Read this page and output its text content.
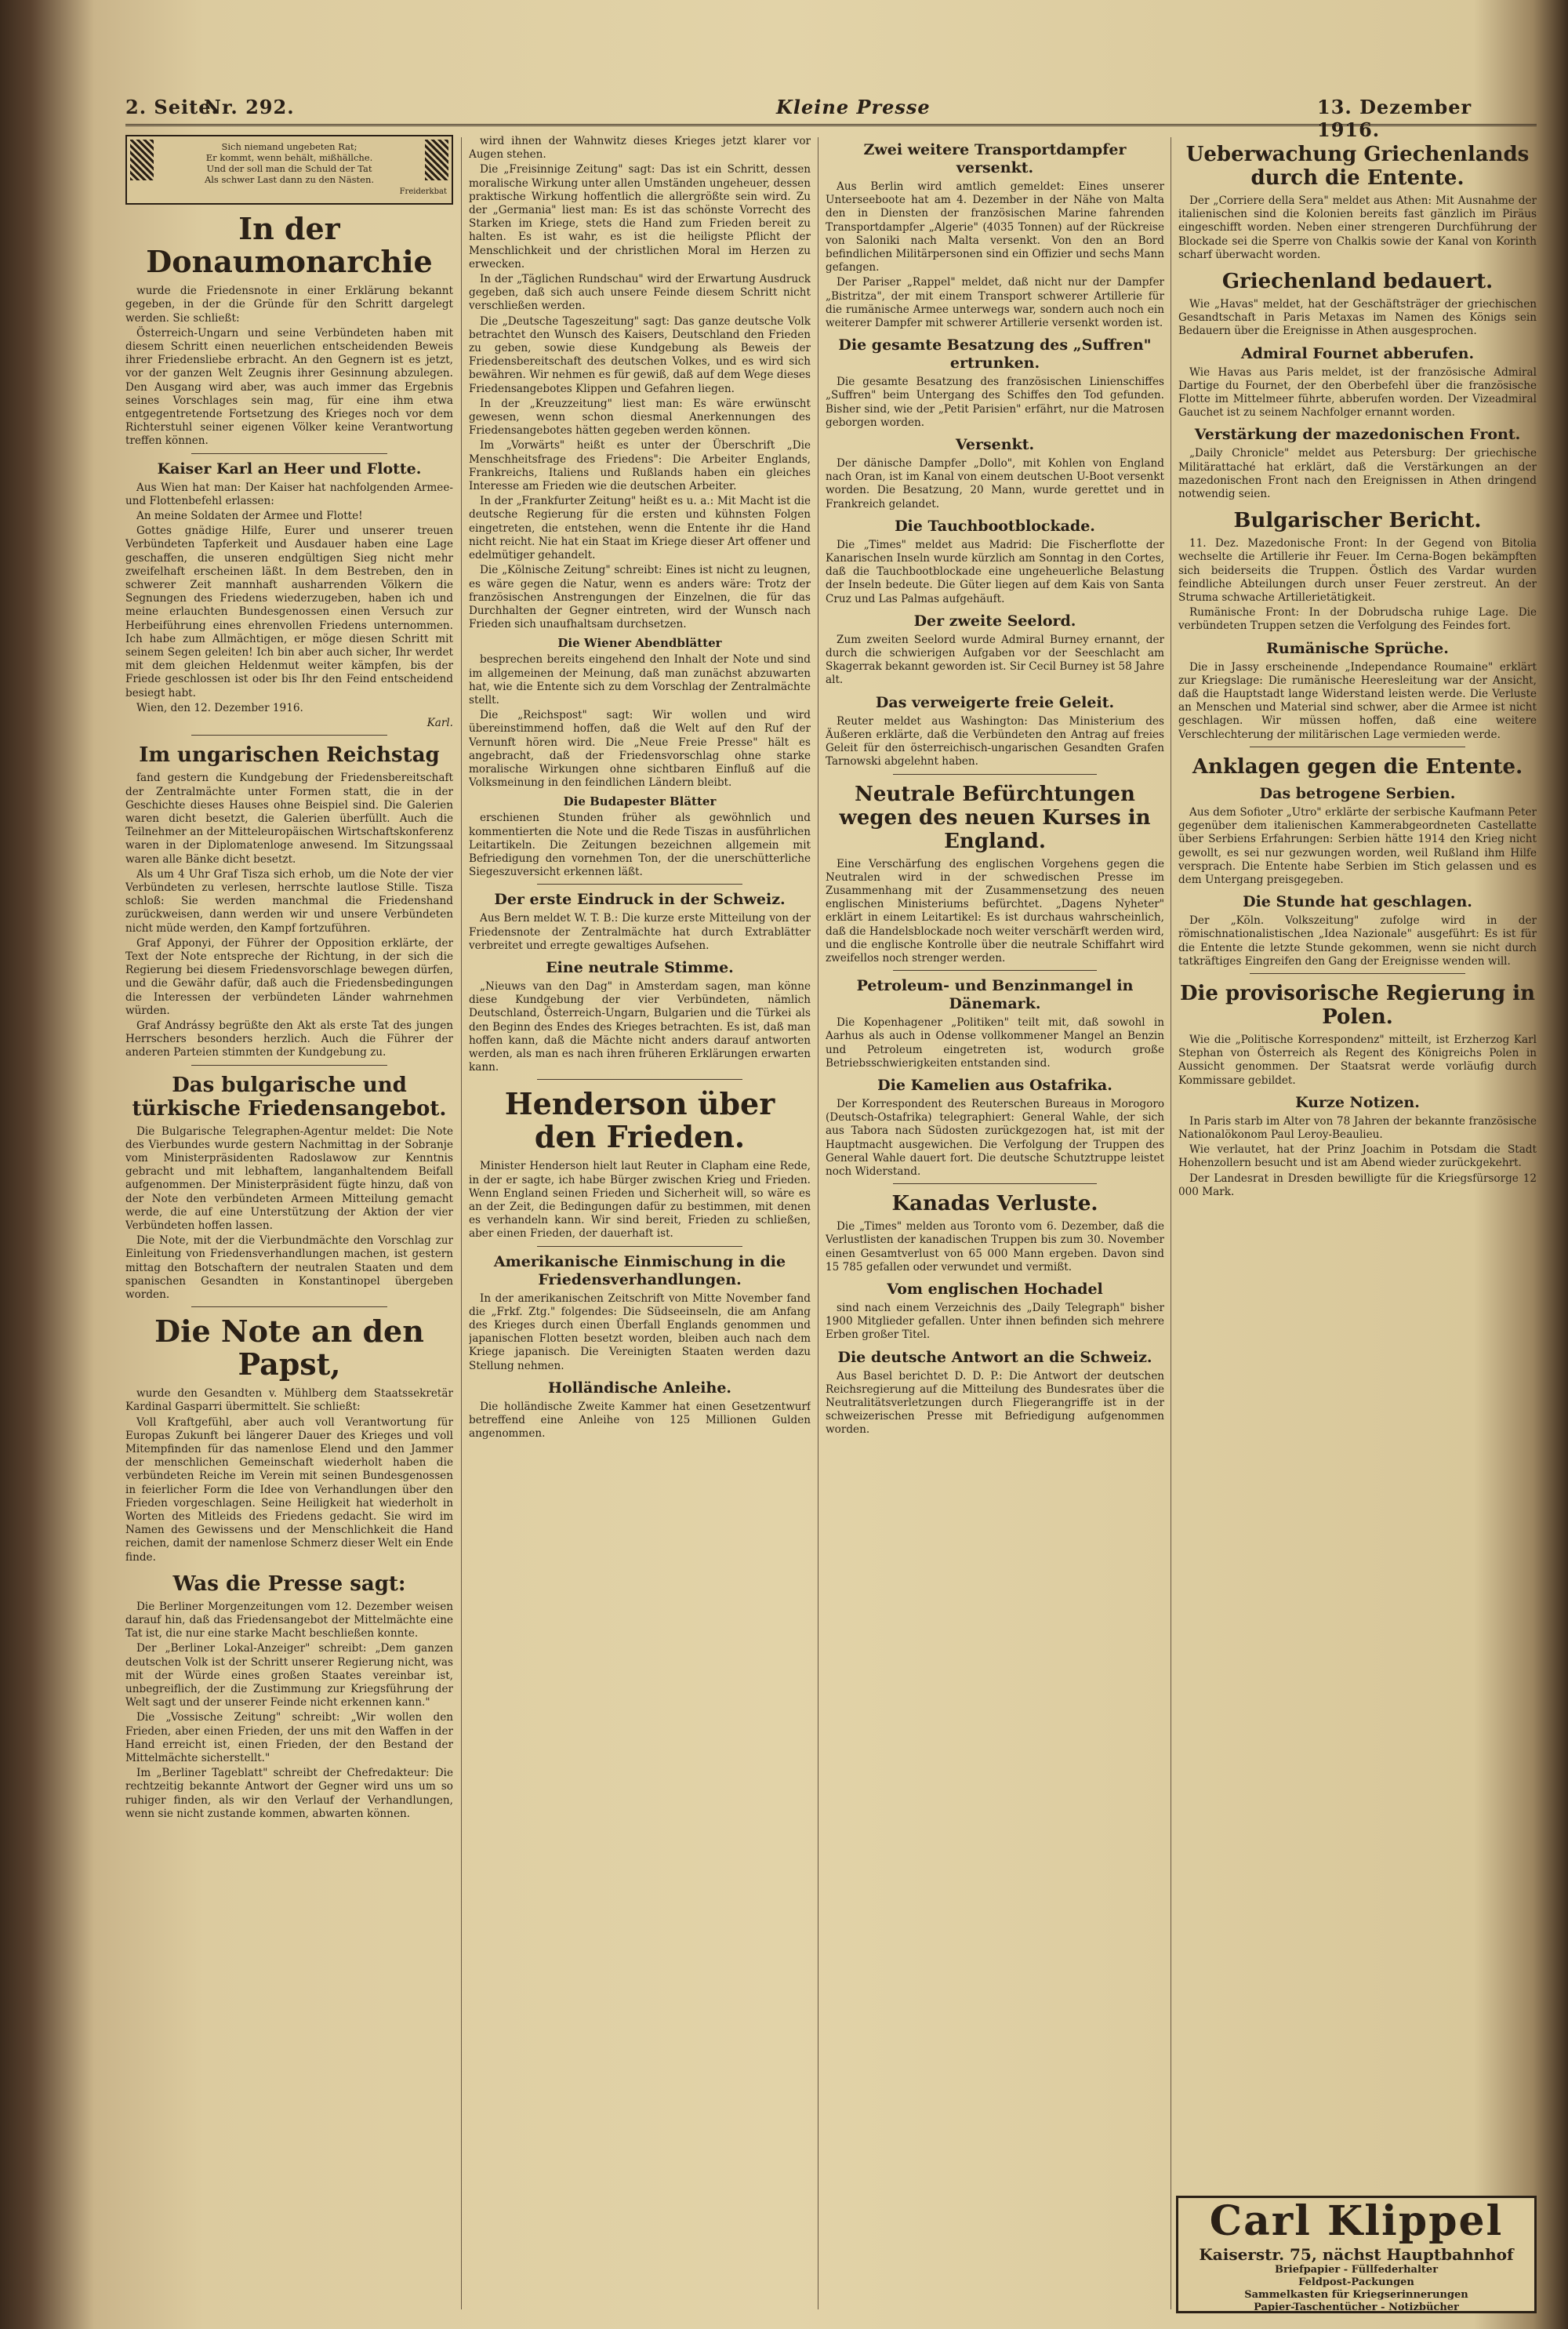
2. Seite.
Nr. 292.	Kleine Presse	13. Dezember 1916.
Sich niemand ungebeten Rat;
Er kommt, wenn behält, mißhällche.
Und der soll man die Schuld der Tat
Als schwer Last dann zu den Nästen.
Freiderkbat
In der Donaumonarchie

wurde die Friedensnote in einer Erklärung bekannt gegeben, in der die Gründe für den Schritt dargelegt werden. Sie schließt:

Österreich-Ungarn und seine Verbündeten haben mit diesem Schritt einen neuerlichen entscheidenden Beweis ihrer Friedensliebe erbracht. An den Gegnern ist es jetzt, vor der ganzen Welt Zeugnis ihrer Gesinnung abzulegen. Den Ausgang wird aber, was auch immer das Ergebnis seines Vorschlages sein mag, für eine ihm etwa entgegentretende Fortsetzung des Krieges noch vor dem Richterstuhl seiner eigenen Völker keine Verantwortung treffen können.

Kaiser Karl an Heer und Flotte.

Aus Wien hat man: Der Kaiser hat nachfolgenden Armee- und Flottenbefehl erlassen:

An meine Soldaten der Armee und Flotte!

Gottes gnädige Hilfe, Eurer und unserer treuen Verbündeten Tapferkeit und Ausdauer haben eine Lage geschaffen, die unseren endgültigen Sieg nicht mehr zweifelhaft erscheinen läßt. In dem Bestreben, den in schwerer Zeit mannhaft ausharrenden Völkern die Segnungen des Friedens wiederzugeben, haben ich und meine erlauchten Bundesgenossen einen Versuch zur Herbeiführung eines ehrenvollen Friedens unternommen. Ich habe zum Allmächtigen, er möge diesen Schritt mit seinem Segen geleiten! Ich bin aber auch sicher, Ihr werdet mit dem gleichen Heldenmut weiter kämpfen, bis der Friede geschlossen ist oder bis Ihr den Feind entscheidend besiegt habt.

Wien, den 12. Dezember 1916.

Karl.
Im ungarischen Reichstag

fand gestern die Kundgebung der Friedensbereitschaft der Zentralmächte unter Formen statt, die in der Geschichte dieses Hauses ohne Beispiel sind. Die Galerien waren dicht besetzt, die Galerien überfüllt. Auch die Teilnehmer an der Mitteleuropäischen Wirtschaftskonferenz waren in der Diplomatenloge anwesend. Im Sitzungssaal waren alle Bänke dicht besetzt.

Als um 4 Uhr Graf Tisza sich erhob, um die Note der vier Verbündeten zu verlesen, herrschte lautlose Stille. Tisza schloß: Sie werden manchmal die Friedenshand zurückweisen, dann werden wir und unsere Verbündeten nicht müde werden, den Kampf fortzuführen.

Graf Apponyi, der Führer der Opposition erklärte, der Text der Note entspreche der Richtung, in der sich die Regierung bei diesem Friedensvorschlage bewegen dürfen, und die Gewähr dafür, daß auch die Friedensbedingungen die Interessen der verbündeten Länder wahrnehmen würden.

Graf Andrássy begrüßte den Akt als erste Tat des jungen Herrschers besonders herzlich. Auch die Führer der anderen Parteien stimmten der Kundgebung zu.

Das bulgarische und türkische Friedensangebot.

Die Bulgarische Telegraphen-Agentur meldet: Die Note des Vierbundes wurde gestern Nachmittag in der Sobranje vom Ministerpräsidenten Radoslawow zur Kenntnis gebracht und mit lebhaftem, langanhaltendem Beifall aufgenommen. Der Ministerpräsident fügte hinzu, daß von der Note den verbündeten Armeen Mitteilung gemacht werde, die auf eine Unterstützung der Aktion der vier Verbündeten hoffen lassen.

Die Note, mit der die Vierbundmächte den Vorschlag zur Einleitung von Friedensverhandlungen machen, ist gestern mittag den Botschaftern der neutralen Staaten und dem spanischen Gesandten in Konstantinopel übergeben worden.

Die Note an den Papst,

wurde den Gesandten v. Mühlberg dem Staatssekretär Kardinal Gasparri übermittelt. Sie schließt:

Voll Kraftgefühl, aber auch voll Verantwortung für Europas Zukunft bei längerer Dauer des Krieges und voll Mitempfinden für das namenlose Elend und den Jammer der menschlichen Gemeinschaft wiederholt haben die verbündeten Reiche im Verein mit seinen Bundesgenossen in feierlicher Form die Idee von Verhandlungen über den Frieden vorgeschlagen. Seine Heiligkeit hat wiederholt in Worten des Mitleids des Friedens gedacht. Sie wird im Namen des Gewissens und der Menschlichkeit die Hand reichen, damit der namenlose Schmerz dieser Welt ein Ende finde.

Was die Presse sagt:

Die Berliner Morgenzeitungen vom 12. Dezember weisen darauf hin, daß das Friedensangebot der Mittelmächte eine Tat ist, die nur eine starke Macht beschließen konnte.

Der „Berliner Lokal-Anzeiger" schreibt: „Dem ganzen deutschen Volk ist der Schritt unserer Regierung nicht, was mit der Würde eines großen Staates vereinbar ist, unbegreiflich, der die Zustimmung zur Kriegsführung der Welt sagt und der unserer Feinde nicht erkennen kann."

Die „Vossische Zeitung" schreibt: „Wir wollen den Frieden, aber einen Frieden, der uns mit den Waffen in der Hand erreicht ist, einen Frieden, der den Bestand der Mittelmächte sicherstellt."

Im „Berliner Tageblatt" schreibt der Chefredakteur: Die rechtzeitig bekannte Antwort der Gegner wird uns um so ruhiger finden, als wir den Verlauf der Verhandlungen, wenn sie nicht zustande kommen, abwarten können.

wird ihnen der Wahnwitz dieses Krieges jetzt klarer vor Augen stehen.

Die „Freisinnige Zeitung" sagt: Das ist ein Schritt, dessen moralische Wirkung unter allen Umständen ungeheuer, dessen praktische Wirkung hoffentlich die allergrößte sein wird. Zu der „Germania" liest man: Es ist das schönste Vorrecht des Starken im Kriege, stets die Hand zum Frieden bereit zu halten. Es ist wahr, es ist die heiligste Pflicht der Menschlichkeit und der christlichen Moral im Herzen zu erwecken.

In der „Täglichen Rundschau" wird der Erwartung Ausdruck gegeben, daß sich auch unsere Feinde diesem Schritt nicht verschließen werden.

Die „Deutsche Tageszeitung" sagt: Das ganze deutsche Volk betrachtet den Wunsch des Kaisers, Deutschland den Frieden zu geben, sowie diese Kundgebung als Beweis der Friedensbereitschaft des deutschen Volkes, und es wird sich bewähren. Wir nehmen es für gewiß, daß auf dem Wege dieses Friedensangebotes Klippen und Gefahren liegen.

In der „Kreuzzeitung" liest man: Es wäre erwünscht gewesen, wenn schon diesmal Anerkennungen des Friedensangebotes hätten gegeben werden können.

Im „Vorwärts" heißt es unter der Überschrift „Die Menschheitsfrage des Friedens": Die Arbeiter Englands, Frankreichs, Italiens und Rußlands haben ein gleiches Interesse am Frieden wie die deutschen Arbeiter.

In der „Frankfurter Zeitung" heißt es u. a.: Mit Macht ist die deutsche Regierung für die ersten und kühnsten Folgen eingetreten, die entstehen, wenn die Entente ihr die Hand nicht reicht. Nie hat ein Staat im Kriege dieser Art offener und edelmütiger gehandelt.

Die „Kölnische Zeitung" schreibt: Eines ist nicht zu leugnen, es wäre gegen die Natur, wenn es anders wäre: Trotz der französischen Anstrengungen der Einzelnen, die für das Durchhalten der Gegner eintreten, wird der Wunsch nach Frieden sich unaufhaltsam durchsetzen.

Die Wiener Abendblätter

besprechen bereits eingehend den Inhalt der Note und sind im allgemeinen der Meinung, daß man zunächst abzuwarten hat, wie die Entente sich zu dem Vorschlag der Zentralmächte stellt.

Die „Reichspost" sagt: Wir wollen und wird übereinstimmend hoffen, daß die Welt auf den Ruf der Vernunft hören wird. Die „Neue Freie Presse" hält es angebracht, daß der Friedensvorschlag ohne starke moralische Wirkungen ohne sichtbaren Einfluß auf die Volksmeinung in den feindlichen Ländern bleibt.

Die Budapester Blätter

erschienen Stunden früher als gewöhnlich und kommentierten die Note und die Rede Tiszas in ausführlichen Leitartikeln. Die Zeitungen bezeichnen allgemein mit Befriedigung den vornehmen Ton, der die unerschütterliche Siegeszuversicht erkennen läßt.

Der erste Eindruck in der Schweiz.

Aus Bern meldet W. T. B.: Die kurze erste Mitteilung von der Friedensnote der Zentralmächte hat durch Extrablätter verbreitet und erregte gewaltiges Aufsehen.

Eine neutrale Stimme.

„Nieuws van den Dag" in Amsterdam sagen, man könne diese Kundgebung der vier Verbündeten, nämlich Deutschland, Österreich-Ungarn, Bulgarien und die Türkei als den Beginn des Endes des Krieges betrachten. Es ist, daß man hoffen kann, daß die Mächte nicht anders darauf antworten werden, als man es nach ihren früheren Erklärungen erwarten kann.

Henderson über den Frieden.

Minister Henderson hielt laut Reuter in Clapham eine Rede, in der er sagte, ich habe Bürger zwischen Krieg und Frieden. Wenn England seinen Frieden und Sicherheit will, so wäre es an der Zeit, die Bedingungen dafür zu bestimmen, mit denen es verhandeln kann. Wir sind bereit, Frieden zu schließen, aber einen Frieden, der dauerhaft ist.

Amerikanische Einmischung in die Friedensverhandlungen.

In der amerikanischen Zeitschrift von Mitte November fand die „Frkf. Ztg." folgendes: Die Südseeinseln, die am Anfang des Krieges durch einen Überfall Englands genommen und japanischen Flotten besetzt worden, bleiben auch nach dem Kriege japanisch. Die Vereinigten Staaten werden dazu Stellung nehmen.

Holländische Anleihe.

Die holländische Zweite Kammer hat einen Gesetzentwurf betreffend eine Anleihe von 125 Millionen Gulden angenommen.

Zwei weitere Transportdampfer versenkt.

Aus Berlin wird amtlich gemeldet: Eines unserer Unterseeboote hat am 4. Dezember in der Nähe von Malta den in Diensten der französischen Marine fahrenden Transportdampfer „Algerie" (4035 Tonnen) auf der Rückreise von Saloniki nach Malta versenkt. Von den an Bord befindlichen Militärpersonen sind ein Offizier und sechs Mann gefangen.

Der Pariser „Rappel" meldet, daß nicht nur der Dampfer „Bistritza", der mit einem Transport schwerer Artillerie für die rumänische Armee unterwegs war, sondern auch noch ein weiterer Dampfer mit schwerer Artillerie versenkt worden ist.

Die gesamte Besatzung des „Suffren" ertrunken.

Die gesamte Besatzung des französischen Linienschiffes „Suffren" beim Untergang des Schiffes den Tod gefunden. Bisher sind, wie der „Petit Parisien" erfährt, nur die Matrosen geborgen worden.

Versenkt.

Der dänische Dampfer „Dollo", mit Kohlen von England nach Oran, ist im Kanal von einem deutschen U-Boot versenkt worden. Die Besatzung, 20 Mann, wurde gerettet und in Frankreich gelandet.

Die Tauchbootblockade.

Die „Times" meldet aus Madrid: Die Fischerflotte der Kanarischen Inseln wurde kürzlich am Sonntag in den Cortes, daß die Tauchbootblockade eine ungeheuerliche Belastung der Inseln bedeute. Die Güter liegen auf dem Kais von Santa Cruz und Las Palmas aufgehäuft.

Der zweite Seelord.

Zum zweiten Seelord wurde Admiral Burney ernannt, der durch die schwierigen Aufgaben vor der Seeschlacht am Skagerrak bekannt geworden ist. Sir Cecil Burney ist 58 Jahre alt.

Das verweigerte freie Geleit.

Reuter meldet aus Washington: Das Ministerium des Äußeren erklärte, daß die Verbündeten den Antrag auf freies Geleit für den österreichisch-ungarischen Gesandten Grafen Tarnowski abgelehnt haben.

Neutrale Befürchtungen wegen des neuen Kurses in England.

Eine Verschärfung des englischen Vorgehens gegen die Neutralen wird in der schwedischen Presse im Zusammenhang mit der Zusammensetzung des neuen englischen Ministeriums befürchtet. „Dagens Nyheter" erklärt in einem Leitartikel: Es ist durchaus wahrscheinlich, daß die Handelsblockade noch weiter verschärft werden wird, und die englische Kontrolle über die neutrale Schiffahrt wird zweifellos noch strenger werden.

Petroleum- und Benzinmangel in Dänemark.

Die Kopenhagener „Politiken" teilt mit, daß sowohl in Aarhus als auch in Odense vollkommener Mangel an Benzin und Petroleum eingetreten ist, wodurch große Betriebsschwierigkeiten entstanden sind.

Die Kamelien aus Ostafrika.

Der Korrespondent des Reuterschen Bureaus in Morogoro (Deutsch-Ostafrika) telegraphiert: General Wahle, der sich aus Tabora nach Südosten zurückgezogen hat, ist mit der Hauptmacht ausgewichen. Die Verfolgung der Truppen des General Wahle dauert fort. Die deutsche Schutztruppe leistet noch Widerstand.

Kanadas Verluste.

Die „Times" melden aus Toronto vom 6. Dezember, daß die Verlustlisten der kanadischen Truppen bis zum 30. November einen Gesamtverlust von 65 000 Mann ergeben. Davon sind 15 785 gefallen oder verwundet und vermißt.

Vom englischen Hochadel

sind nach einem Verzeichnis des „Daily Telegraph" bisher 1900 Mitglieder gefallen. Unter ihnen befinden sich mehrere Erben großer Titel.

Die deutsche Antwort an die Schweiz.

Aus Basel berichtet D. D. P.: Die Antwort der deutschen Reichsregierung auf die Mitteilung des Bundesrates über die Neutralitätsverletzungen durch Fliegerangriffe ist in der schweizerischen Presse mit Befriedigung aufgenommen worden.

Ueberwachung Griechenlands durch die Entente.

Der „Corriere della Sera" meldet aus Athen: Mit Ausnahme der italienischen sind die Kolonien bereits fast gänzlich im Piräus eingeschifft worden. Neben einer strengeren Durchführung der Blockade sei die Sperre von Chalkis sowie der Kanal von Korinth scharf überwacht worden.

Griechenland bedauert.

Wie „Havas" meldet, hat der Geschäftsträger der griechischen Gesandtschaft in Paris Metaxas im Namen des Königs sein Bedauern über die Ereignisse in Athen ausgesprochen.

Admiral Fournet abberufen.

Wie Havas aus Paris meldet, ist der französische Admiral Dartige du Fournet, der den Oberbefehl über die französische Flotte im Mittelmeer führte, abberufen worden. Der Vizeadmiral Gauchet ist zu seinem Nachfolger ernannt worden.

Verstärkung der mazedonischen Front.

„Daily Chronicle" meldet aus Petersburg: Der griechische Militärattaché hat erklärt, daß die Verstärkungen an der mazedonischen Front nach den Ereignissen in Athen dringend notwendig seien.

Bulgarischer Bericht.

11. Dez. Mazedonische Front: In der Gegend von Bitolia wechselte die Artillerie ihr Feuer. Im Cerna-Bogen bekämpften sich beiderseits die Truppen. Östlich des Vardar wurden feindliche Abteilungen durch unser Feuer zerstreut. An der Struma schwache Artillerietätigkeit.

Rumänische Front: In der Dobrudscha ruhige Lage. Die verbündeten Truppen setzen die Verfolgung des Feindes fort.

Rumänische Sprüche.

Die in Jassy erscheinende „Independance Roumaine" erklärt zur Kriegslage: Die rumänische Heeresleitung war der Ansicht, daß die Hauptstadt lange Widerstand leisten werde. Die Verluste an Menschen und Material sind schwer, aber die Armee ist nicht geschlagen. Wir müssen hoffen, daß eine weitere Verschlechterung der militärischen Lage vermieden werde.

Anklagen gegen die Entente.
Das betrogene Serbien.

Aus dem Sofioter „Utro" erklärte der serbische Kaufmann Peter gegenüber dem italienischen Kammerabgeordneten Castellatte über Serbiens Erfahrungen: Serbien hätte 1914 den Krieg nicht gewollt, es sei nur gezwungen worden, weil Rußland ihm Hilfe versprach. Die Entente habe Serbien im Stich gelassen und es dem Untergang preisgegeben.

Die Stunde hat geschlagen.

Der „Köln. Volkszeitung" zufolge wird in der römischnationalistischen „Idea Nazionale" ausgeführt: Es ist für die Entente die letzte Stunde gekommen, wenn sie nicht durch tatkräftiges Eingreifen den Gang der Ereignisse wenden will.

Die provisorische Regierung in Polen.

Wie die „Politische Korrespondenz" mitteilt, ist Erzherzog Karl Stephan von Österreich als Regent des Königreichs Polen in Aussicht genommen. Der Staatsrat werde vorläufig durch Kommissare gebildet.

Kurze Notizen.

In Paris starb im Alter von 78 Jahren der bekannte französische Nationalökonom Paul Leroy-Beaulieu.

Wie verlautet, hat der Prinz Joachim in Potsdam die Stadt Hohenzollern besucht und ist am Abend wieder zurückgekehrt.

Der Landesrat in Dresden bewilligte für die Kriegsfürsorge 12 000 Mark.

Carl Klippel
Kaiserstr. 75, nächst Hauptbahnhof
Briefpapier - Füllfederhalter
Feldpost-Packungen
Sammelkasten für Kriegserinnerungen
Papier-Taschentücher - Notizbücher
